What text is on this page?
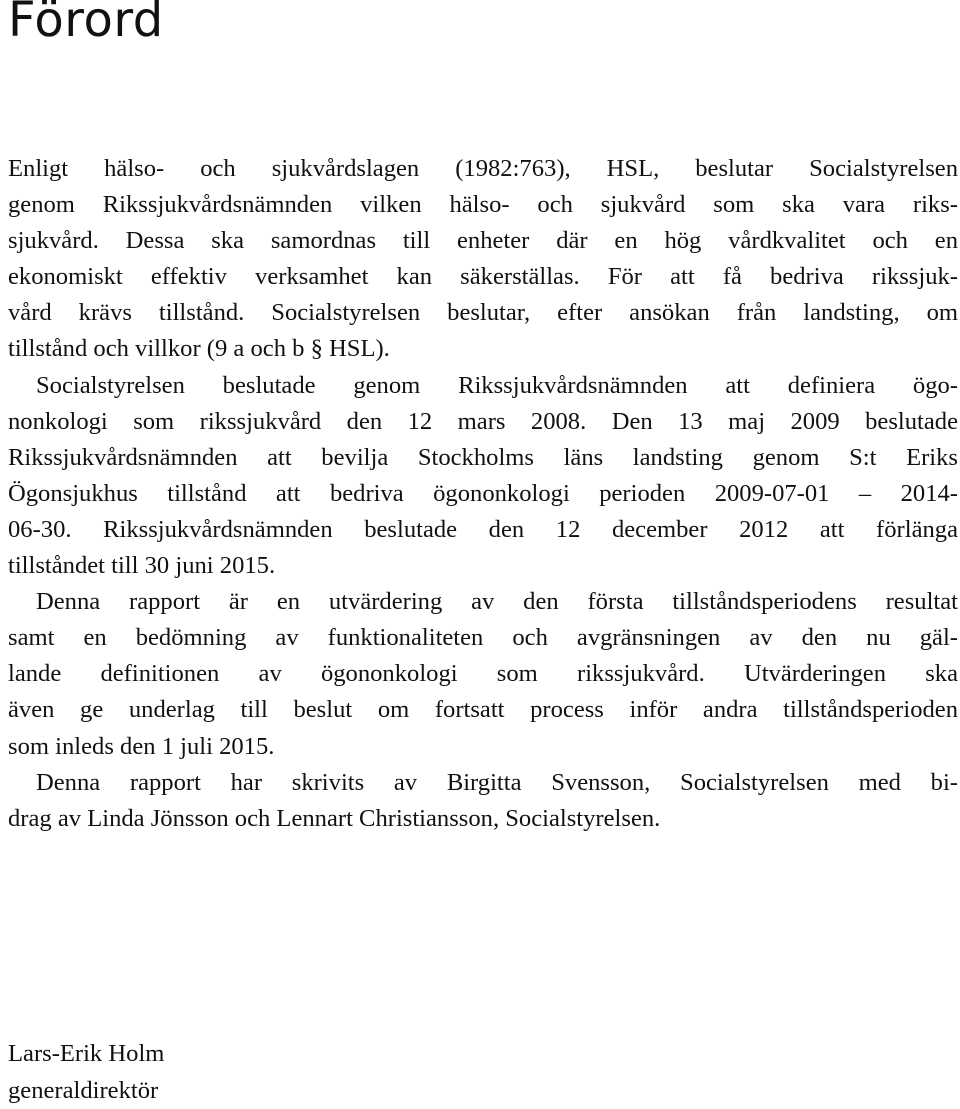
Förord

Enligt hälso- och sjukvårdslagen (1982:763), HSL, beslutar Socialstyrelsen
genom Rikssjukvårdsnämnden vilken hälso- och sjukvård som ska vara riks-
sjukvård. Dessa ska samordnas till enheter där en hög vårdkvalitet och en
ekonomiskt effektiv verksamhet kan säkerställas. För att få bedriva rikssjuk-
vård krävs tillstånd. Socialstyrelsen beslutar, efter ansökan från landsting, om
tillstånd och villkor (9 a och b § HSL).

Socialstyrelsen beslutade genom Rikssjukvårdsnämnden att definiera ögo-
nonkologi som rikssjukvård den 12 mars 2008. Den 13 maj 2009 beslutade
Rikssjukvårdsnämnden att bevilja Stockholms läns landsting genom S:t Eriks
Ögonsjukhus tillstånd att bedriva ögononkologi perioden 2009-07-01 – 2014-
06-30. Rikssjukvårdsnämnden beslutade den 12 december 2012 att förlänga
tillståndet till 30 juni 2015.

Denna rapport är en utvärdering av den första tillståndsperiodens resultat
samt en bedömning av funktionaliteten och avgränsningen av den nu gäl-
lande definitionen av ögononkologi som rikssjukvård. Utvärderingen ska
även ge underlag till beslut om fortsatt process inför andra tillståndsperioden
som inleds den 1 juli 2015.

Denna rapport har skrivits av Birgitta Svensson, Socialstyrelsen med bi-
drag av Linda Jönsson och Lennart Christiansson, Socialstyrelsen.

Lars-Erik Holm
generaldirektör
